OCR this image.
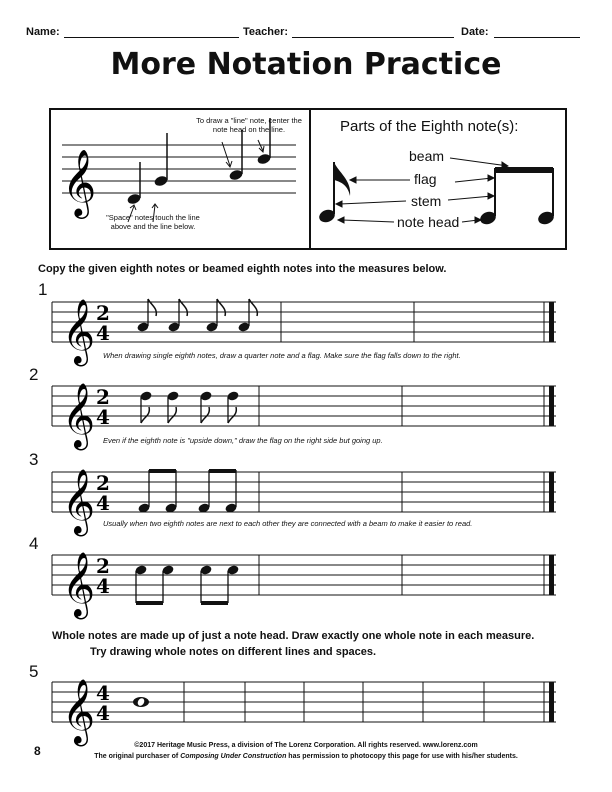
Name:	Teacher:	Date:
More Notation Practice
To draw a "line" note, center the note head on the line.
"Space" notes touch the line above and the line below.
𝄞
Parts of the Eighth note(s):
beam
flag
stem
note head
Copy the given eighth notes or beamed eighth notes into the measures below.
1
𝄞 2
4
When drawing single eighth notes, draw a quarter note and a flag. Make sure the flag falls down to the right.
2
𝄞 2
4
Even if the eighth note is "upside down," draw the flag on the right side but going up.
3
𝄞 2
4
Usually when two eighth notes are next to each other they are connected with a beam to make it easier to read.
4
𝄞 2
4
Whole notes are made up of just a note head. Draw exactly one whole note in each measure.
Try drawing whole notes on different lines and spaces.
5
𝄞 4
4
8	©2017 Heritage Music Press, a division of The Lorenz Corporation. All rights reserved. www.lorenz.com
The original purchaser of Composing Under Construction has permission to photocopy this page for use with his/her students.
